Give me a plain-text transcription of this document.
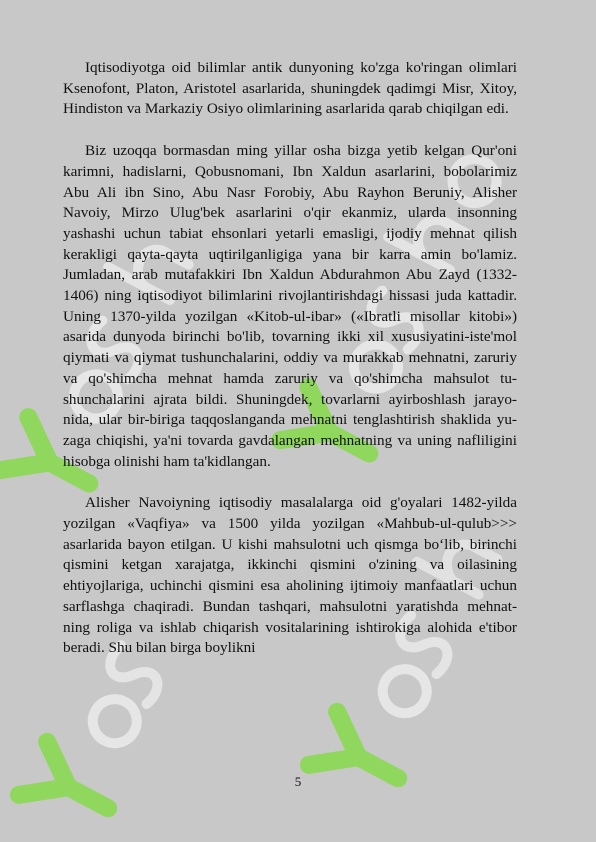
Iqtisodiyotga oid bilimlar antik dunyoning ko'zga ko'ringan olimlari Ksenofont, Platon, Aristotel asarlarida, shuningdek qadimgi Misr, Xitoy, Hindiston va Markaziy Osiyo olimlarining asarlarida qarab chiqilgan edi.

Biz uzoqqa bormasdan ming yillar osha bizga yetib kelgan Qur'oni karimni, hadislarni, Qobusnomani, Ibn Xaldun asarlarini, bobolarimiz Abu Ali ibn Sino, Abu Nasr Forobiy, Abu Rayhon Beruniy, Alisher Navoiy, Mirzo Ulug'bek asarlarini o'qir ekanmiz, ularda insonning yashashi uchun tabiat ehsonlari yetarli emasligi, ijodiy mehnat qilish kerakligi qayta-qayta uqtirilganligiga yana bir karra amin bo'lamiz. Jumladan, arab mutafakkiri Ibn Xaldun Abdurahmon Abu Zayd (1332- 1406) ning iqtisodiyot bilimlarini rivojlantirishdagi hissasi juda kattadir. Uning 1370-yilda yozilgan «Kitob-ul-ibar» («Ibratli misollar kitobi») asarida dunyoda birinchi bo'lib, tovarning ikki xil xususiyatini-iste'mol qiymati va qiymat tushunchalarini, oddiy va murakkab mehnatni, zaruriy va qo'shimcha mehnat hamda zaruriy va qo'shimcha mahsulot tu- shunchalarini ajrata bildi. Shuningdek, tovarlarni ayirboshlash jarayo- nida, ular bir-biriga taqqoslanganda mehnatni tenglashtirish shaklida yu- zaga chiqishi, ya'ni tovarda gavdalangan mehnatning va uning nafliligini hisobga olinishi ham ta'kidlangan.

Alisher Navoiyning iqtisodiy masalalarga oid g'oyalari 1482-yilda yozilgan «Vaqfiya» va 1500 yilda yozilgan «Mahbub-ul-qulub>>> asarlarida bayon etilgan. U kishi mahsulotni uch qismga bo‘lib, birinchi qismini ketgan xarajatga, ikkinchi qismini o'zining va oilasining ehtiyojlariga, uchinchi qismini esa aholining ijtimoiy manfaatlari uchun sarflashga chaqiradi. Bundan tashqari, mahsulotni yaratishda mehnat- ning roliga va ishlab chiqarish vositalarining ishtirokiga alohida e'tibor beradi. Shu bilan birga boylikni

5
